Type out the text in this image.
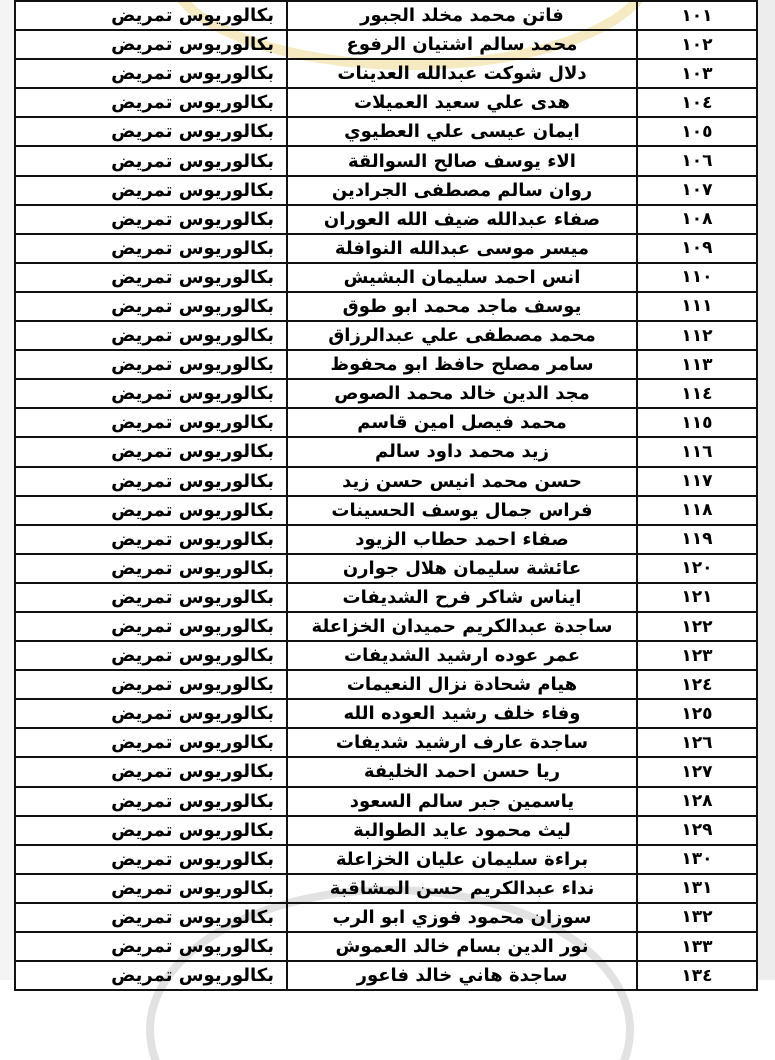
١٠١	فاتن محمد مخلد الجبور	بكالوريوس تمريض
١٠٢	محمد سالم اشتيان الرفوع	بكالوريوس تمريض
١٠٣	دلال شوكت عبدالله العدينات	بكالوريوس تمريض
١٠٤	هدى علي سعيد العميلات	بكالوريوس تمريض
١٠٥	ايمان عيسى علي العطيوي	بكالوريوس تمريض
١٠٦	الاء يوسف صالح السوالقة	بكالوريوس تمريض
١٠٧	روان سالم مصطفى الجرادين	بكالوريوس تمريض
١٠٨	صفاء عبدالله ضيف الله العوران	بكالوريوس تمريض
١٠٩	ميسر موسى عبدالله النوافلة	بكالوريوس تمريض
١١٠	انس احمد سليمان البشيش	بكالوريوس تمريض
١١١	يوسف ماجد محمد ابو طوق	بكالوريوس تمريض
١١٢	محمد مصطفى علي عبدالرزاق	بكالوريوس تمريض
١١٣	سامر مصلح حافظ ابو محفوظ	بكالوريوس تمريض
١١٤	مجد الدين خالد محمد الصوص	بكالوريوس تمريض
١١٥	محمد فيصل امين قاسم	بكالوريوس تمريض
١١٦	زيد محمد داود سالم	بكالوريوس تمريض
١١٧	حسن محمد انيس حسن زيد	بكالوريوس تمريض
١١٨	فراس جمال يوسف الحسينات	بكالوريوس تمريض
١١٩	صفاء احمد حطاب الزيود	بكالوريوس تمريض
١٢٠	عائشة سليمان هلال جوارن	بكالوريوس تمريض
١٢١	ايناس شاكر فرح الشديفات	بكالوريوس تمريض
١٢٢	ساجدة عبدالكريم حميدان الخزاعلة	بكالوريوس تمريض
١٢٣	عمر عوده ارشيد الشديفات	بكالوريوس تمريض
١٢٤	هيام شحادة نزال النعيمات	بكالوريوس تمريض
١٢٥	وفاء خلف رشيد العوده الله	بكالوريوس تمريض
١٢٦	ساجدة عارف ارشيد شديفات	بكالوريوس تمريض
١٢٧	ريا حسن احمد الخليفة	بكالوريوس تمريض
١٢٨	ياسمين جبر سالم السعود	بكالوريوس تمريض
١٢٩	ليث محمود عايد الطوالبة	بكالوريوس تمريض
١٣٠	براءة سليمان عليان الخزاعلة	بكالوريوس تمريض
١٣١	نداء عبدالكريم حسن المشاقبة	بكالوريوس تمريض
١٣٢	سوزان محمود فوزي ابو الرب	بكالوريوس تمريض
١٣٣	نور الدين بسام خالد العموش	بكالوريوس تمريض
١٣٤	ساجدة هاني خالد فاعور	بكالوريوس تمريض
